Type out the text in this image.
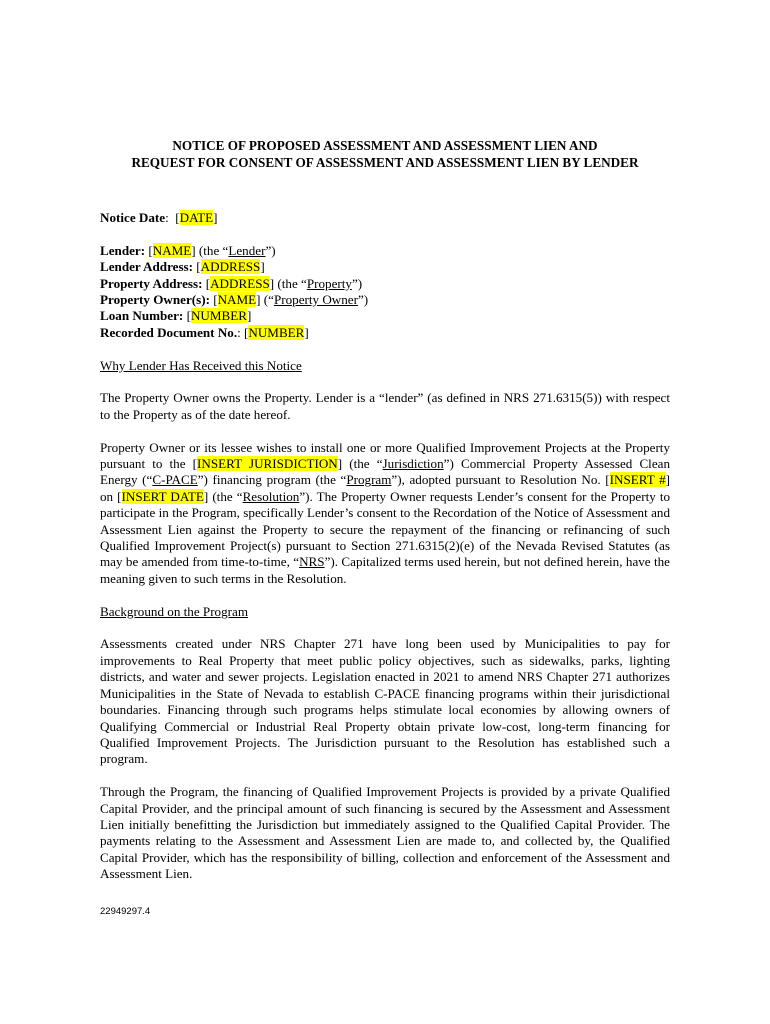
NOTICE OF PROPOSED ASSESSMENT AND ASSESSMENT LIEN AND
REQUEST FOR CONSENT OF ASSESSMENT AND ASSESSMENT LIEN BY LENDER

Notice Date:  [DATE]

Lender: [NAME] (the “Lender”)

Lender Address: [ADDRESS]

Property Address: [ADDRESS] (the “Property”)

Property Owner(s): [NAME] (“Property Owner”)

Loan Number: [NUMBER]

Recorded Document No.: [NUMBER]

Why Lender Has Received this Notice

The Property Owner owns the Property. Lender is a “lender” (as defined in NRS 271.6315(5)) with respect to the Property as of the date hereof.

Property Owner or its lessee wishes to install one or more Qualified Improvement Projects at the Property pursuant to the [INSERT JURISDICTION] (the “Jurisdiction”) Commercial Property Assessed Clean Energy (“C-PACE”) financing program (the “Program”), adopted pursuant to Resolution No. [INSERT #] on [INSERT DATE] (the “Resolution”). The Property Owner requests Lender’s consent for the Property to participate in the Program, specifically Lender’s consent to the Recordation of the Notice of Assessment and Assessment Lien against the Property to secure the repayment of the financing or refinancing of such Qualified Improvement Project(s) pursuant to Section 271.6315(2)(e) of the Nevada Revised Statutes (as may be amended from time-to-time, “NRS”). Capitalized terms used herein, but not defined herein, have the meaning given to such terms in the Resolution.

Background on the Program

Assessments created under NRS Chapter 271 have long been used by Municipalities to pay for improvements to Real Property that meet public policy objectives, such as sidewalks, parks, lighting districts, and water and sewer projects. Legislation enacted in 2021 to amend NRS Chapter 271 authorizes Municipalities in the State of Nevada to establish C-PACE financing programs within their jurisdictional boundaries. Financing through such programs helps stimulate local economies by allowing owners of Qualifying Commercial or Industrial Real Property obtain private low-cost, long-term financing for Qualified Improvement Projects. The Jurisdiction pursuant to the Resolution has established such a program.

Through the Program, the financing of Qualified Improvement Projects is provided by a private Qualified Capital Provider, and the principal amount of such financing is secured by the Assessment and Assessment Lien initially benefitting the Jurisdiction but immediately assigned to the Qualified Capital Provider. The payments relating to the Assessment and Assessment Lien are made to, and collected by, the Qualified Capital Provider, which has the responsibility of billing, collection and enforcement of the Assessment and Assessment Lien.

22949297.4
